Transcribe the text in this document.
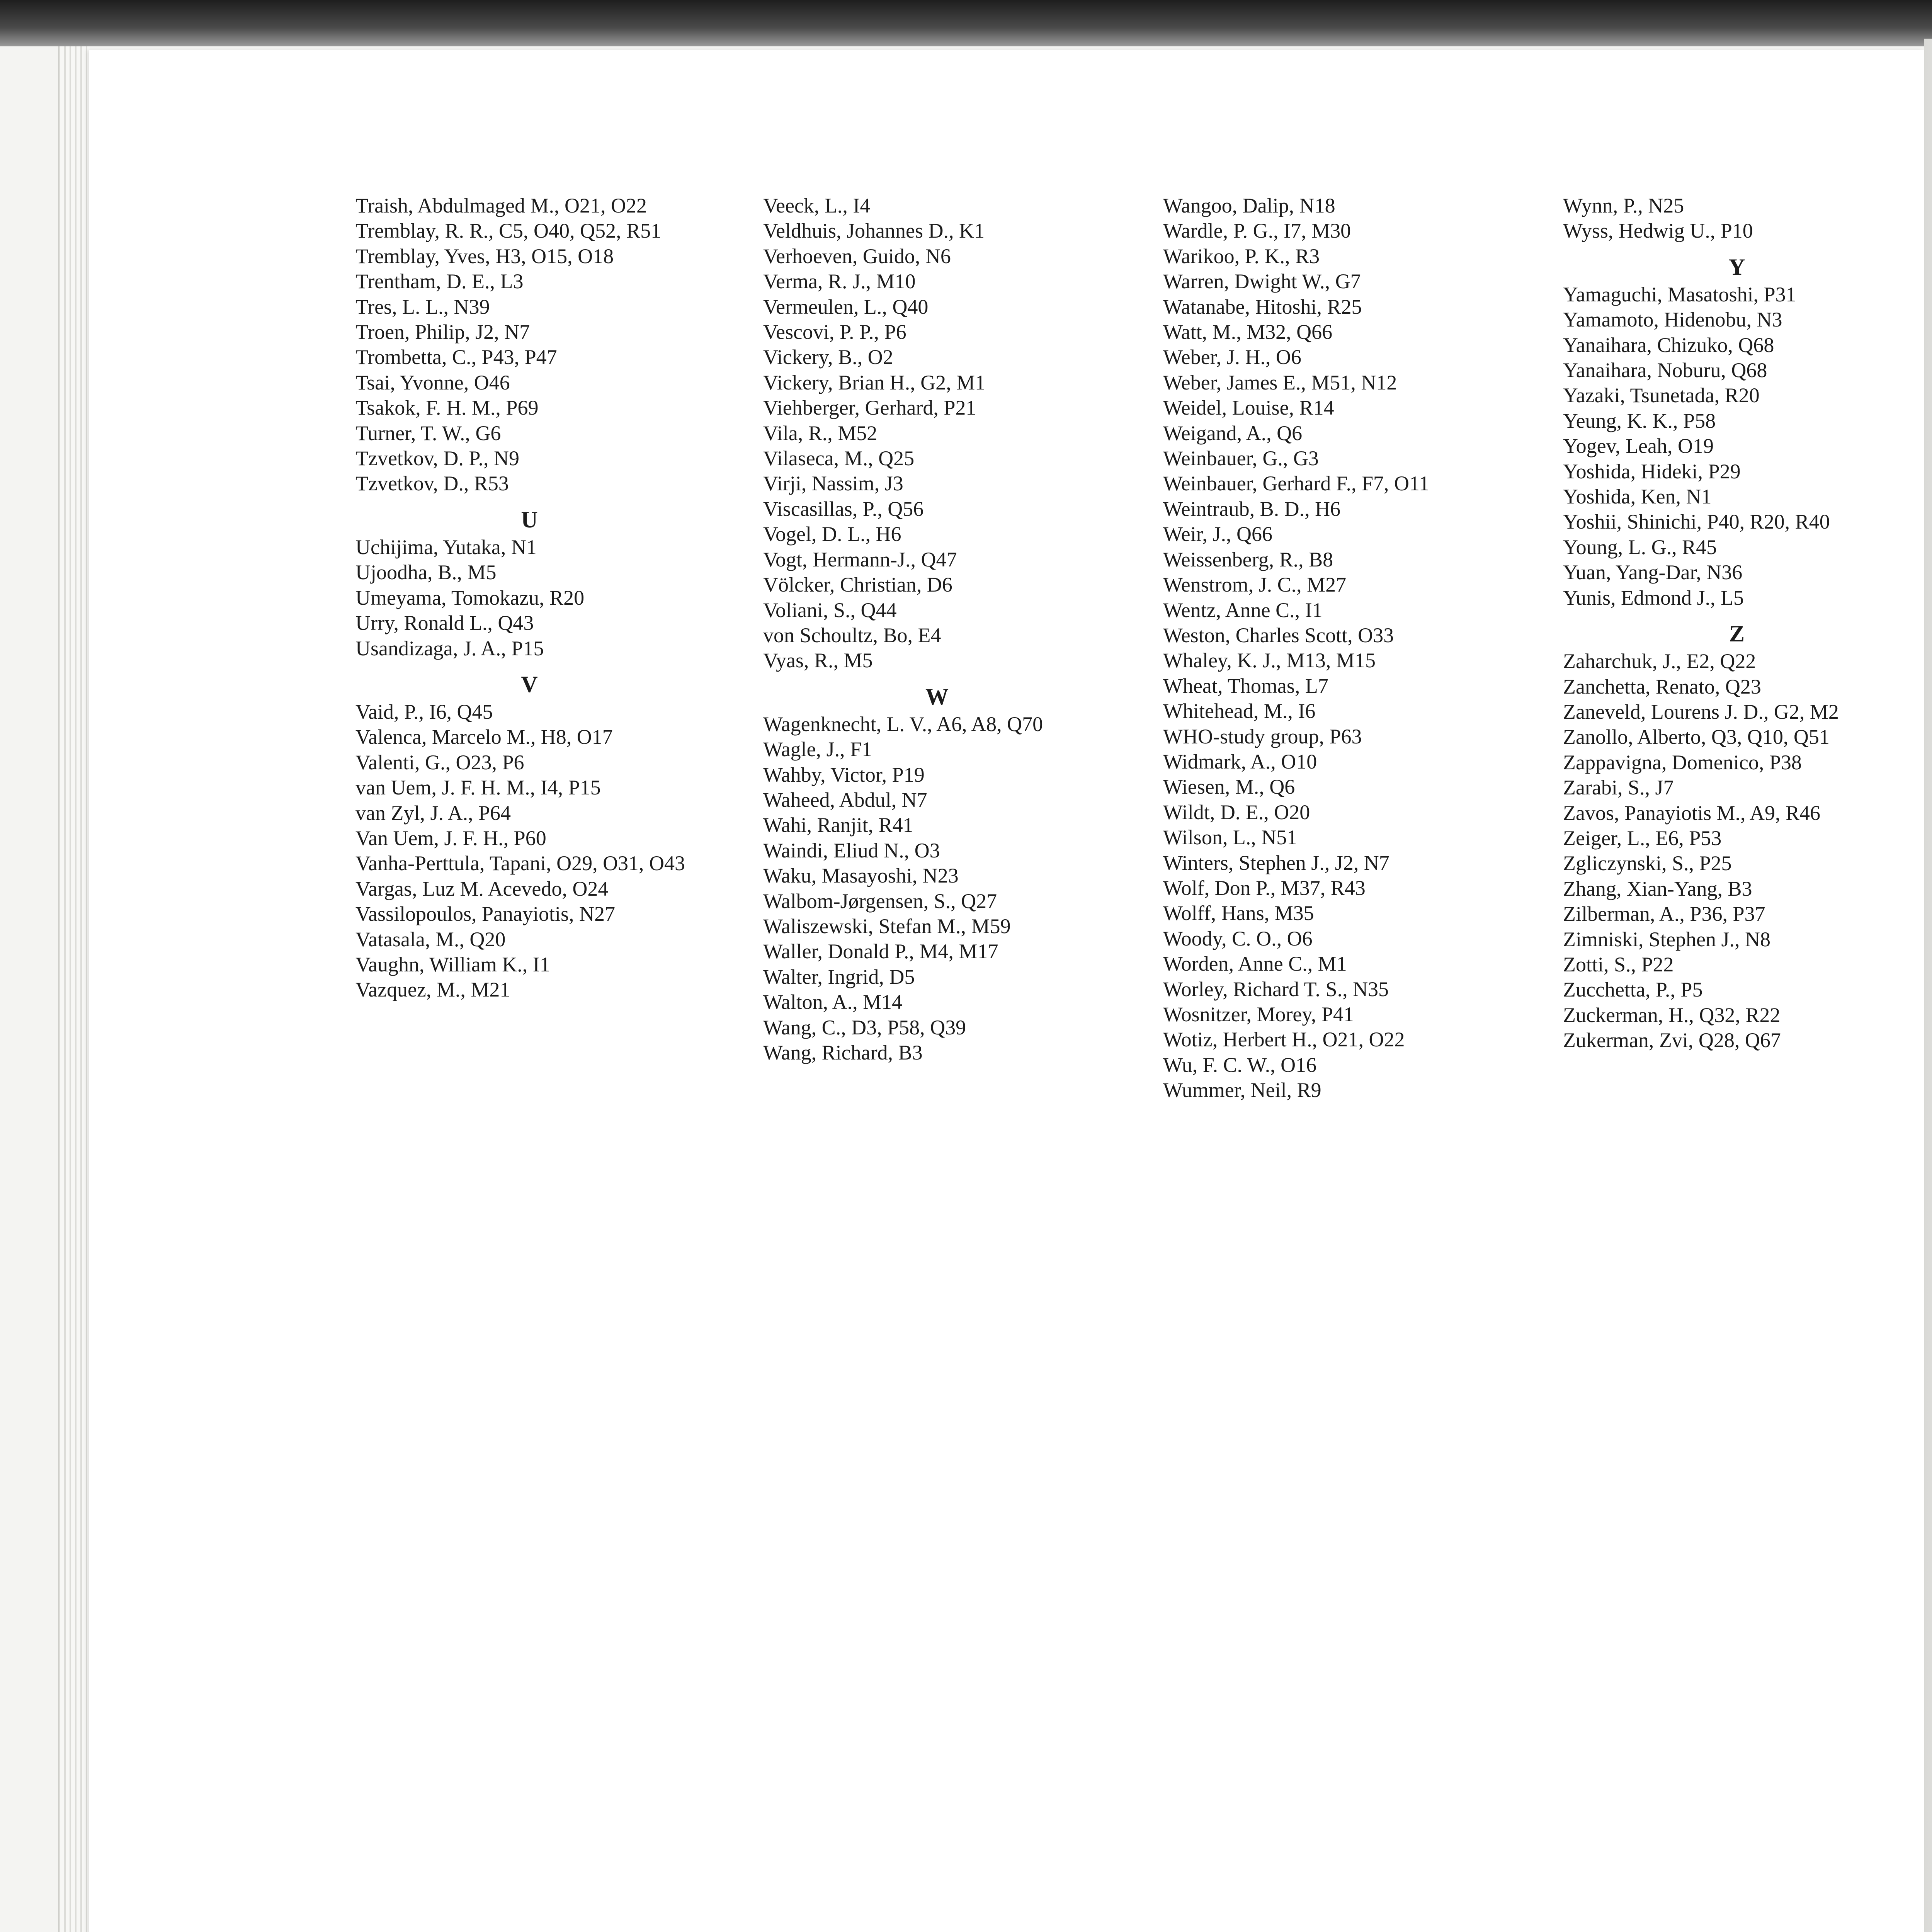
Traish, Abdulmaged M., O21, O22
Tremblay, R. R., C5, O40, Q52, R51
Tremblay, Yves, H3, O15, O18
Trentham, D. E., L3
Tres, L. L., N39
Troen, Philip, J2, N7
Trombetta, C., P43, P47
Tsai, Yvonne, O46
Tsakok, F. H. M., P69
Turner, T. W., G6
Tzvetkov, D. P., N9
Tzvetkov, D., R53
U
Uchijima, Yutaka, N1
Ujoodha, B., M5
Umeyama, Tomokazu, R20
Urry, Ronald L., Q43
Usandizaga, J. A., P15
V
Vaid, P., I6, Q45
Valenca, Marcelo M., H8, O17
Valenti, G., O23, P6
van Uem, J. F. H. M., I4, P15
van Zyl, J. A., P64
Van Uem, J. F. H., P60
Vanha-Perttula, Tapani, O29, O31, O43
Vargas, Luz M. Acevedo, O24
Vassilopoulos, Panayiotis, N27
Vatasala, M., Q20
Vaughn, William K., I1
Vazquez, M., M21
Veeck, L., I4
Veldhuis, Johannes D., K1
Verhoeven, Guido, N6
Verma, R. J., M10
Vermeulen, L., Q40
Vescovi, P. P., P6
Vickery, B., O2
Vickery, Brian H., G2, M1
Viehberger, Gerhard, P21
Vila, R., M52
Vilaseca, M., Q25
Virji, Nassim, J3
Viscasillas, P., Q56
Vogel, D. L., H6
Vogt, Hermann-J., Q47
Völcker, Christian, D6
Voliani, S., Q44
von Schoultz, Bo, E4
Vyas, R., M5
W
Wagenknecht, L. V., A6, A8, Q70
Wagle, J., F1
Wahby, Victor, P19
Waheed, Abdul, N7
Wahi, Ranjit, R41
Waindi, Eliud N., O3
Waku, Masayoshi, N23
Walbom-Jørgensen, S., Q27
Waliszewski, Stefan M., M59
Waller, Donald P., M4, M17
Walter, Ingrid, D5
Walton, A., M14
Wang, C., D3, P58, Q39
Wang, Richard, B3
Wangoo, Dalip, N18
Wardle, P. G., I7, M30
Warikoo, P. K., R3
Warren, Dwight W., G7
Watanabe, Hitoshi, R25
Watt, M., M32, Q66
Weber, J. H., O6
Weber, James E., M51, N12
Weidel, Louise, R14
Weigand, A., Q6
Weinbauer, G., G3
Weinbauer, Gerhard F., F7, O11
Weintraub, B. D., H6
Weir, J., Q66
Weissenberg, R., B8
Wenstrom, J. C., M27
Wentz, Anne C., I1
Weston, Charles Scott, O33
Whaley, K. J., M13, M15
Wheat, Thomas, L7
Whitehead, M., I6
WHO-study group, P63
Widmark, A., O10
Wiesen, M., Q6
Wildt, D. E., O20
Wilson, L., N51
Winters, Stephen J., J2, N7
Wolf, Don P., M37, R43
Wolff, Hans, M35
Woody, C. O., O6
Worden, Anne C., M1
Worley, Richard T. S., N35
Wosnitzer, Morey, P41
Wotiz, Herbert H., O21, O22
Wu, F. C. W., O16
Wummer, Neil, R9
Wynn, P., N25
Wyss, Hedwig U., P10
Y
Yamaguchi, Masatoshi, P31
Yamamoto, Hidenobu, N3
Yanaihara, Chizuko, Q68
Yanaihara, Noburu, Q68
Yazaki, Tsunetada, R20
Yeung, K. K., P58
Yogev, Leah, O19
Yoshida, Hideki, P29
Yoshida, Ken, N1
Yoshii, Shinichi, P40, R20, R40
Young, L. G., R45
Yuan, Yang-Dar, N36
Yunis, Edmond J., L5
Z
Zaharchuk, J., E2, Q22
Zanchetta, Renato, Q23
Zaneveld, Lourens J. D., G2, M2
Zanollo, Alberto, Q3, Q10, Q51
Zappavigna, Domenico, P38
Zarabi, S., J7
Zavos, Panayiotis M., A9, R46
Zeiger, L., E6, P53
Zgliczynski, S., P25
Zhang, Xian-Yang, B3
Zilberman, A., P36, P37
Zimniski, Stephen J., N8
Zotti, S., P22
Zucchetta, P., P5
Zuckerman, H., Q32, R22
Zukerman, Zvi, Q28, Q67
